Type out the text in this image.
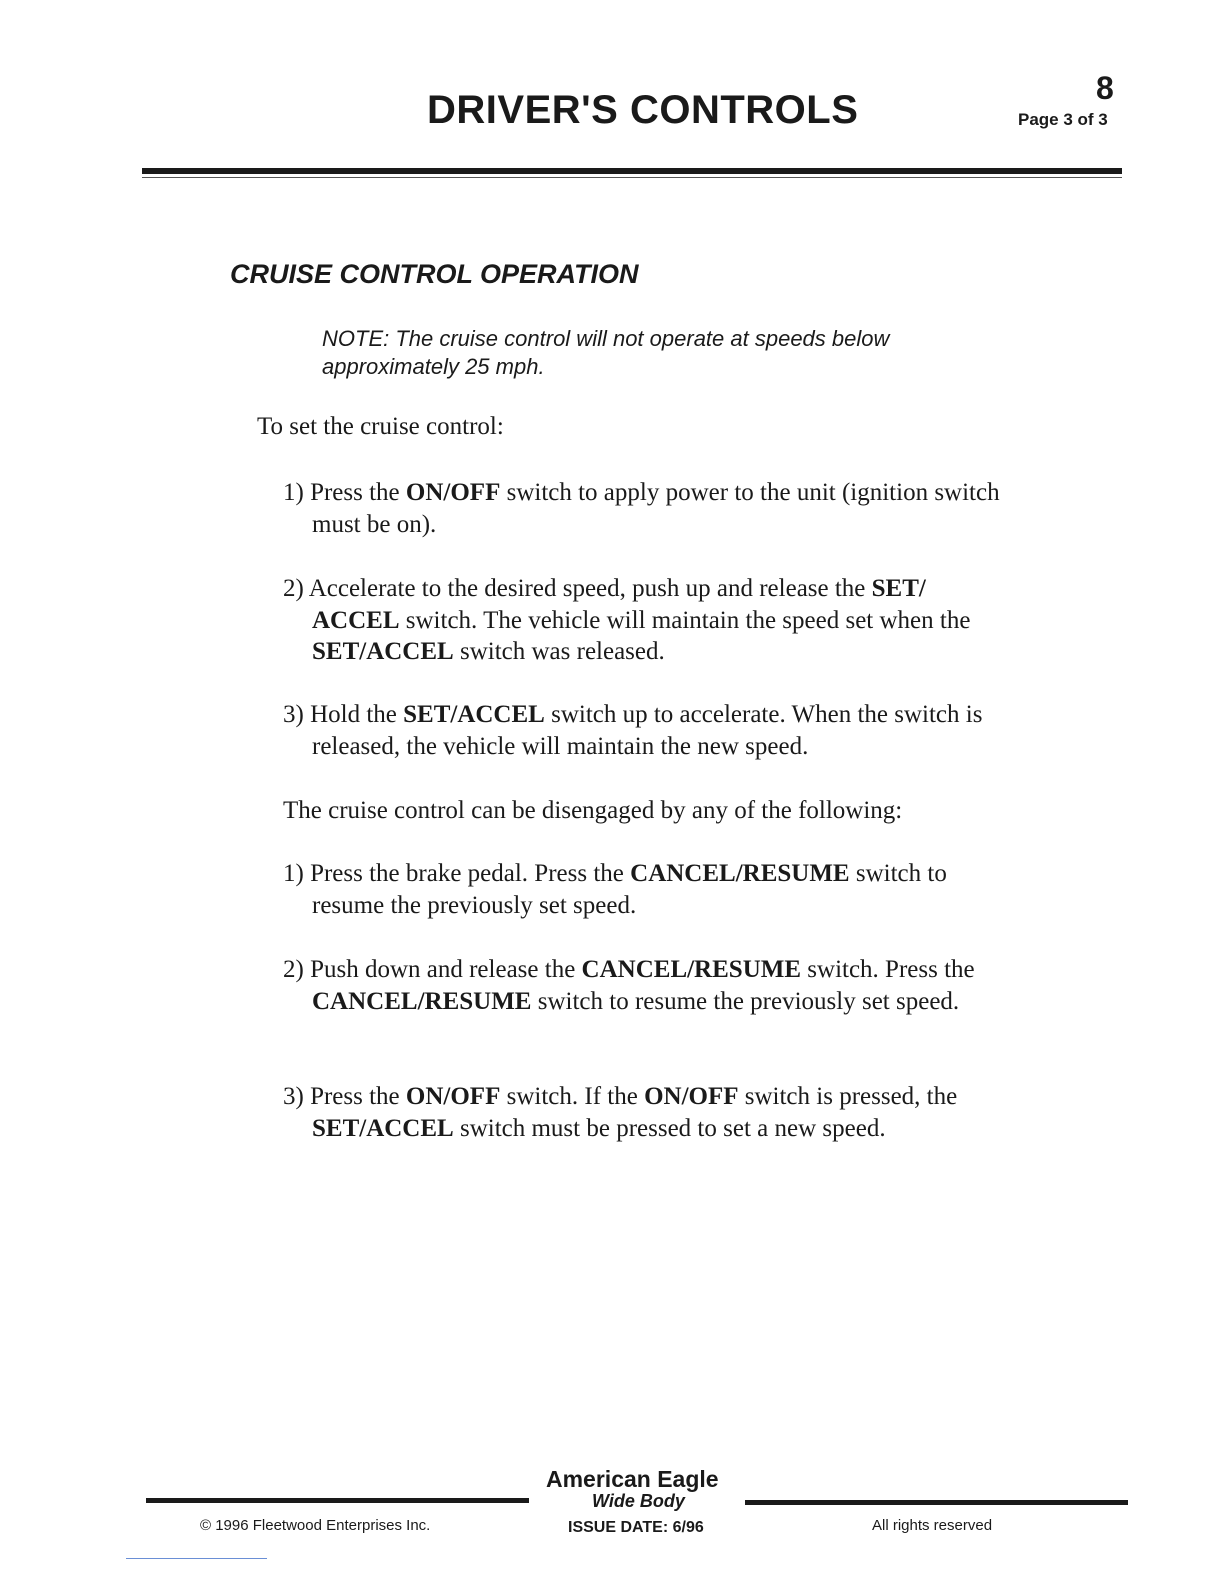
DRIVER'S CONTROLS	8
Page 3 of 3
CRUISE CONTROL OPERATION
NOTE: The cruise control will not operate at speeds below approximately 25 mph.
To set the cruise control:
1) Press the ON/OFF switch to apply power to the unit (ignition switch must be on).
2) Accelerate to the desired speed, push up and release the SET/ ACCEL switch. The vehicle will maintain the speed set when the SET/ACCEL switch was released.
3) Hold the SET/ACCEL switch up to accelerate. When the switch is released, the vehicle will maintain the new speed.
The cruise control can be disengaged by any of the following:
1) Press the brake pedal. Press the CANCEL/RESUME switch to resume the previously set speed.
2) Push down and release the CANCEL/RESUME switch. Press the CANCEL/RESUME switch to resume the previously set speed.
3) Press the ON/OFF switch. If the ON/OFF switch is pressed, the SET/ACCEL switch must be pressed to set a new speed.
American Eagle
Wide Body
© 1996 Fleetwood Enterprises Inc.	ISSUE DATE: 6/96	All rights reserved
